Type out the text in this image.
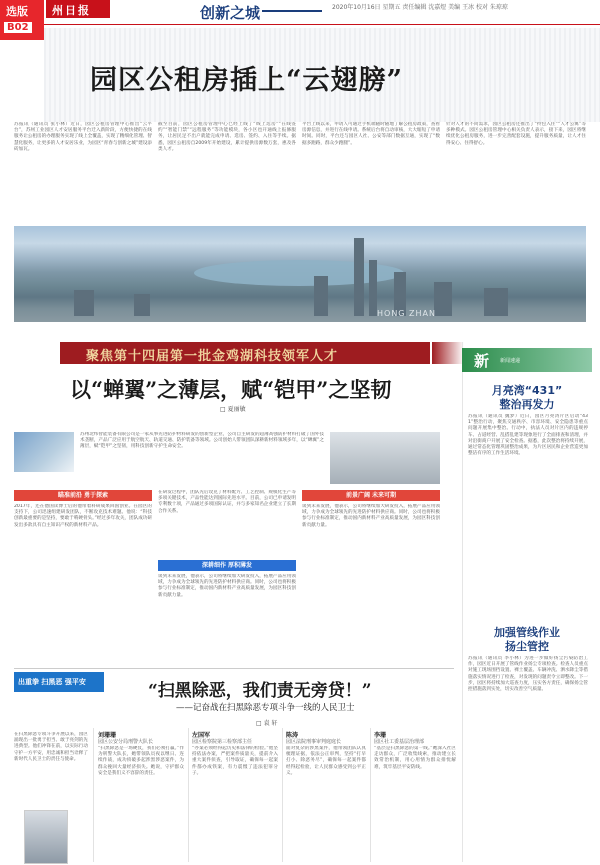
选版
B02
州日报	创新之城	2020年10月16日 星期五 责任编辑 沈嘉煜 美编 王冰 校对 朱琼琼
园区公租房插上“云翅膀”
苏报讯（通讯员 张小林）近日，园区公租房管理中心推出“云平台”，苏州工业园区人才安居服务平台迁入新阶段，方便快捷的在线服务让公租房的办理服务实现了线上全覆盖，实现了精细化管理、智慧化服务，让更多的人才安居乐业，为园区“青春与创新之城”建设添砖加瓦。
截至目前，园区公租房管理中心已经上线了“线上选房”“在线签约”“智能门禁”“远程服务”等功能模块，各小区也开通线上报修服务，让居民足不出户就能完成申请、选房、签约、入住等手续。据悉，园区公租房自2009年开始建设，累计提供房源数万套，惠及各类人才。
平台上线以来，申请人可通过手机端随时随地了解公租房政策，查看房源信息，并进行在线申请。系统后台将自动审核，大大缩短了申请时间。同时，平台还与园区人社、公安等部门数据互通，实现了“数据多跑路，群众少跑腿”。
针对人才的不同需求，园区公租房还推出了“拎包入住”“人才公寓”等多种模式。园区公租房管理中心相关负责人表示，接下来，园区将继续优化公租房服务，进一步完善配套设施，提升服务质量，让人才住得安心、住得舒心。
HONG ZHAN
聚焦第十四届第一批金鸡湖科技领军人才
以“蝉翼”之薄层，赋“铠甲”之坚韧
□ 夏丽敏
苏州北纬智能装备有限公司是一家从事先进防护材料研发的创新型企业，公司自主研发的超薄高强防护材料打破了国外技术垄断，产品广泛应用于航空航天、轨道交通、防护装备等领域。公司创始人带领团队深耕新材料领域多年，以“蝉翼”之薄层，赋“铠甲”之坚韧，用科技创新守护生命安全。
瞄准前沿 勇于探索
2017年，还在德国读博士后的他带着科研成果回国创业。在园区的支持下，公司迅速组建研发团队，不断攻克技术难题。他说：“科技创新最重要的是坚持，要敢于啃硬骨头。”经过多年攻关，团队成功研发出多款具有自主知识产权的新材料产品。
深耕细作 厚积薄发
在研发过程中，团队先后攻克了材料配方、工艺控制、规模化生产等多项关键技术，产品性能达到国际先进水平。目前，公司已申请发明专利数十项，产品通过多项国际认证，并与多家知名企业建立了长期合作关系。
谈到未来发展，他表示，公司将继续加大研发投入，拓展产品应用领域，力争成为全球领先的先进防护材料供应商。同时，公司也将积极参与行业标准制定，推动国内新材料产业高质量发展，为园区科技创新贡献力量。
前景广阔 未来可期
谈到未来发展，他表示，公司将继续加大研发投入，拓展产品应用领域，力争成为全球领先的先进防护材料供应商。同时，公司也将积极参与行业标准制定，推动国内新材料产业高质量发展，为园区科技创新贡献力量。
新 新闻速递
月亮湾“431”
整治再发力
苏报讯（通讯员 魏梦）近日，园区月亮湾片区启动“431”整治行动，聚焦交通秩序、市容环境、安全隐患等重点问题开展集中整治。行动中，执法人员对片区内的违规停车、占道经营、乱搭乱建等现象进行了全面排查和清理，并对沿街商户开展了安全检查。据悉，此次整治将持续开展，通过常态化管理巩固整治成果，为片区居民和企业营造更加整洁有序的工作生活环境。
加强管线作业
扬尘管控
苏报讯（通讯员 李小林）为进一步做好扬尘污染防治工作，园区近日开展了管线作业扬尘专项检查。检查人员重点对施工现场围挡设置、裸土覆盖、车辆冲洗、洒水降尘等措施落实情况进行了检查，对发现的问题责令立即整改。下一步，园区将持续加大巡查力度，压实各方责任，确保扬尘管控措施落到实处，切实改善空气质量。
出重拳 扫黑恶 强平安	“扫黑除恶，我们责无旁贷！”
——记奋战在扫黑除恶专项斗争一线的人民卫士
□ 袁 轩
在扫黑除恶专项斗争开展以来，园区涌现出一批勇于担当、敢于亮剑的先进典型。他们冲锋在前，以实际行动守护一方平安，用忠诚和担当诠释了新时代人民卫士的责任与使命。
刘珊珊
园区公安分局刑警大队长
“扫黑除恶是一场硬仗，我们必须打赢。”作为刑警大队长，她带领队员夜以继日、连续作战，成功侦破多起涉黑涉恶案件，为群众挽回大量经济损失。她说，守护群众安全是我们义不容辞的责任。
左国军
园区检察院第三检察部主任
“办案必须经得起历史和法律的检验。”他坚持依法办案，严把案件质量关，提前介入重大案件侦查，引导取证，确保每一起案件都办成铁案，有力震慑了违法犯罪分子。
陈涛
园区法院刑事审判庭庭长
面对复杂的涉黑案件，他带领团队认真梳理证据，依法公正审判，坚持“打早打小、除恶务尽”，确保每一起案件都经得起检验，让人民群众感受到公平正义。
李珊
园区社工委基层治理部
“基层是扫黑除恶的第一线。”她深入社区走访群众，广泛收集线索，推动建立长效常治机制，用心用情为群众排忧解难，筑牢基层平安防线。
